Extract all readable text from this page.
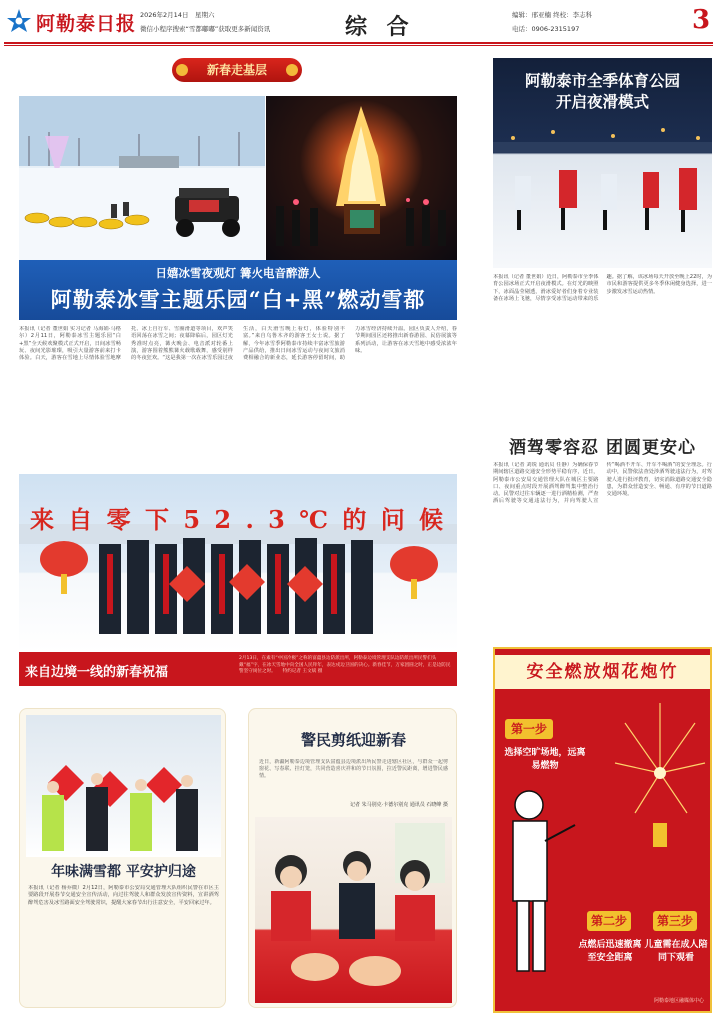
阿勒泰日报 2026年2月14日　星期六
微信小程序搜索“雪都嘟嘟”获取更多新闻资讯	综 合	编辑：邢亚楠 终校：李志科
电话：0906-2315197	3
新春走基层
日嬉冰雪夜观灯 篝火电音醉游人
阿勒泰冰雪主题乐园“白+黑”燃动雪都
本报讯（记者 董世娟 实习记者 马海娟·马格尔）2月11日，阿勒泰冰雪主题乐园“白+黑”全天候欢聚模式正式开启，日间冰雪畅玩、夜间光影璀璨，吸引大量游客前来打卡体验。白天，游客在雪地上尽情体验雪地摩托、冰上自行车、雪圈滑道等项目，欢声笑语回荡在冰雪之间；夜幕降临后，园区灯光秀准时点亮，篝火晚会、电音派对轮番上演，游客围着熊熊篝火载歌载舞，感受别样的冬夜狂欢。“这是我第一次在冰雪乐园过夜生活，白天滑雪晚上看灯，体验特别丰富。”来自乌鲁木齐的游客王女士说。据了解，今年冰雪季阿勒泰市持续丰富冰雪旅游产品供给，推出日间冰雪运动与夜间文旅消费相融合的新业态，延长游客停留时间，助力冰雪经济持续升温。园区负责人介绍，春节期间园区还将推出新春游园、民俗展演等系列活动，让游客在冰天雪地中感受浓浓年味。
来 自 零 下 5 2 . 3 ℃ 的 问 候
来自边境一线的新春祝福
2月13日，在素有“中国冷极”之称的富蕴县边防派出所，阿勒泰边境管理支队边防派出所民警们头戴“福”字，在冰天雪地中向全国人民拜年，表达戍边卫国的决心。新春佳节，万家团圆之时，正是边防民警坚守岗位之时。　　特约记者 王文斌 摄
年味满雪都 平安护归途
本报讯（记者 杨乔微）2月12日，阿勒泰市公安局交通管理大队组织民警在市区主要路段开展春节交通安全宣传活动，向过往驾驶人和群众发放宣传资料，宣讲酒驾醉驾危害及冰雪路面安全驾驶常识，提醒大家春节出行注意安全，平安回家过年。
警民剪纸迎新春
近日，新疆阿勒泰边境管理支队富蕴县边境派出所民警走进辖区社区，与群众一起剪窗花、写春联、挂灯笼，共同营造喜庆祥和的节日氛围，拉近警民距离，增进警民感情。
记者 朱马别克·卡德尔别克 通讯员 石晓峰 摄
阿勒泰市全季体育公园
开启夜滑模式
本报讯（记者 董世娟）近日，阿勒泰市全季体育公园冰场正式开启夜滑模式。在灯光的映照下，冰面晶莹剔透，滑冰爱好者们身着专业装备在冰场上飞驰，尽情享受冰雪运动带来的乐趣。据了解，该冰场每天开放至晚上22时，为市民和游客提供更多冬季休闲健身选择，进一步激发冰雪运动热情。
酒驾零容忍 团圆更安心
本报讯（记者 刘锐 通讯员 任静）为确保春节期间辖区道路交通安全形势平稳有序，近日，阿勒泰市公安局交通管理大队在城区主要路口、夜间重点时段开展酒驾醉驾集中整治行动。民警对过往车辆逐一进行酒精检测，严查酒后驾驶等交通违法行为，并向驾驶人宣传“喝酒不开车、开车不喝酒”的安全理念。行动中，民警依法查处涉酒驾驶违法行为，对驾驶人进行批评教育，切实消除道路交通安全隐患，为群众营造安全、畅通、有序的节日道路交通环境。
安全燃放烟花炮竹
第一步
选择空旷场地，远离易燃物
第二步
点燃后迅速撤离至安全距离
第三步
儿童需在成人陪同下观看
阿勒泰地区融媒体中心
